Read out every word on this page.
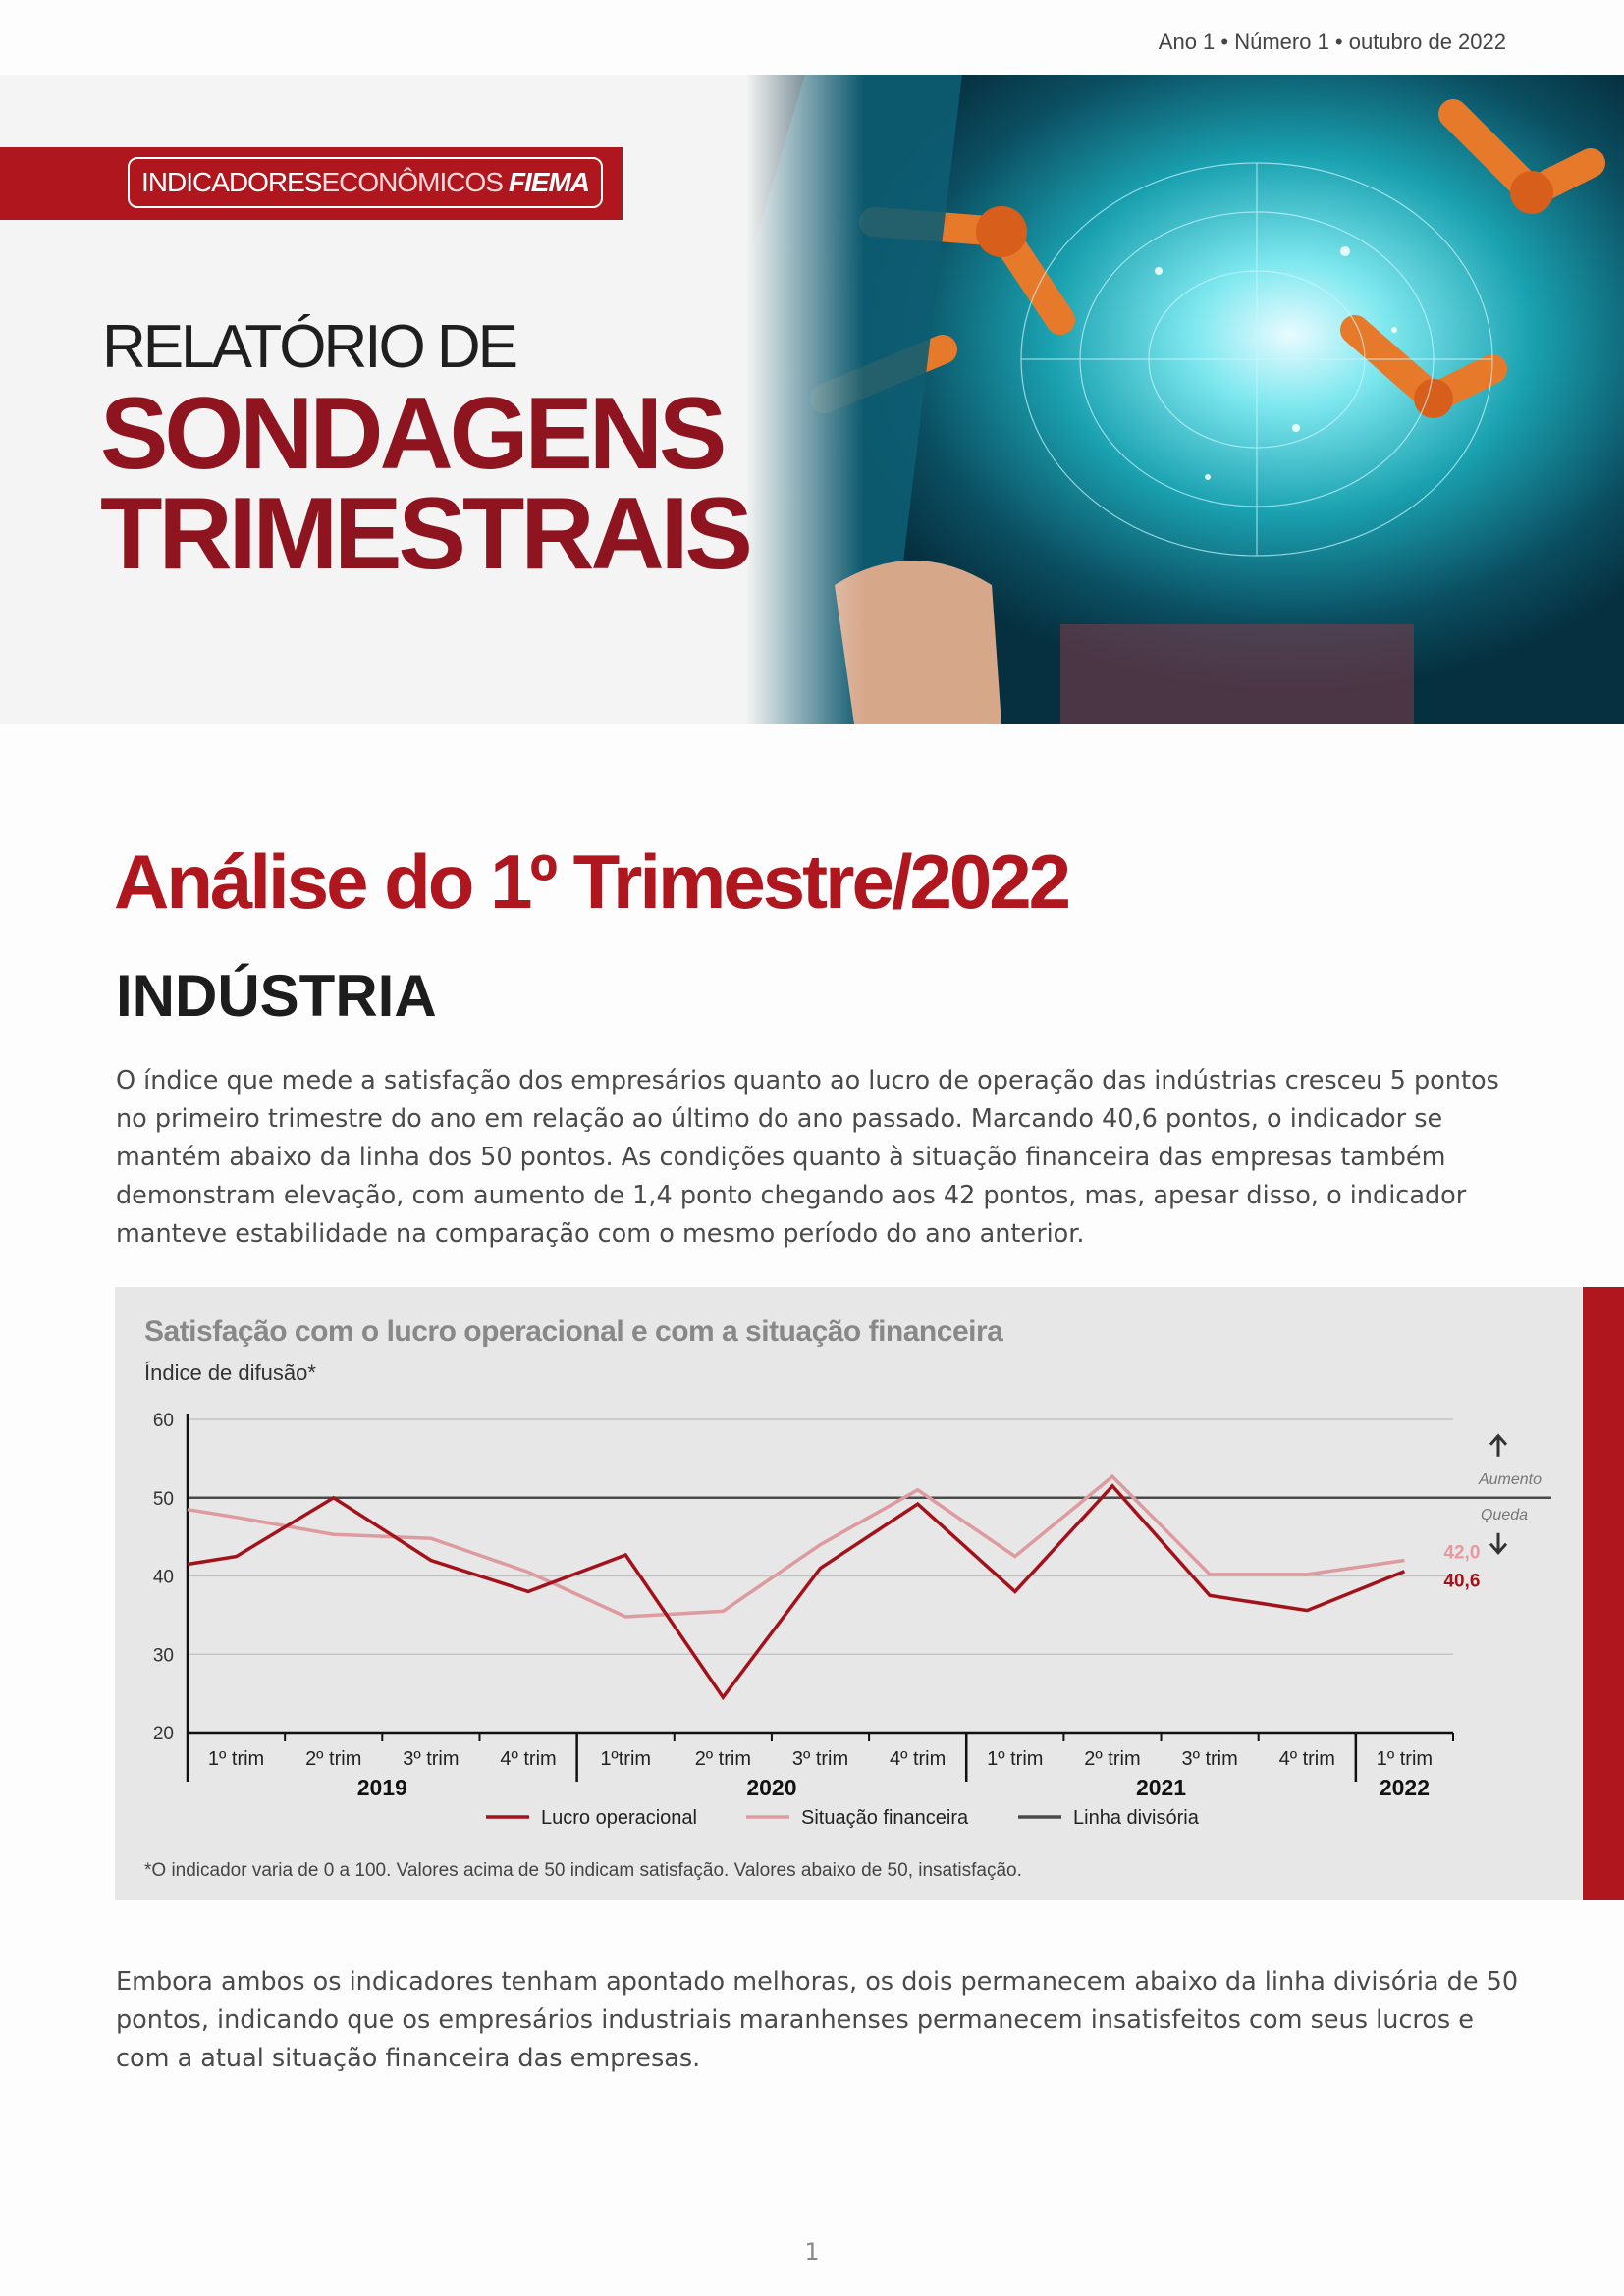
Ano 1 • Número 1 • outubro de 2022
INDICADORES ECONÔMICOS FIEMA
RELATÓRIO DE
SONDAGENS
TRIMESTRAIS
Análise do 1º Trimestre/2022
INDÚSTRIA

O índice que mede a satisfação dos empresários quanto ao lucro de operação das indústrias cresceu 5 pontos no primeiro trimestre do ano em relação ao último do ano passado. Marcando 40,6 pontos, o indicador se mantém abaixo da linha dos 50 pontos. As condições quanto à situação financeira das empresas também demonstram elevação, com aumento de 1,4 ponto chegando aos 42 pontos, mas, apesar disso, o indicador manteve estabilidade na comparação com o mesmo período do ano anterior.

Satisfação com o lucro operacional e com a situação financeira
Índice de difusão*
20
30
40
50
60
1º trim 2º trim 3º trim 4º trim 1ºtrim 2º trim 3º trim 4º trim 1º trim 2º trim 3º trim 4º trim 1º trim
2019	2020	2021	2022
42,0
40,6
Aumento
Queda
Lucro operacional	Situação financeira	Linha divisória
*O indicador varia de 0 a 100. Valores acima de 50 indicam satisfação. Valores abaixo de 50, insatisfação.

Embora ambos os indicadores tenham apontado melhoras, os dois permanecem abaixo da linha divisória de 50 pontos, indicando que os empresários industriais maranhenses permanecem insatisfeitos com seus lucros e com a atual situação financeira das empresas.

1
